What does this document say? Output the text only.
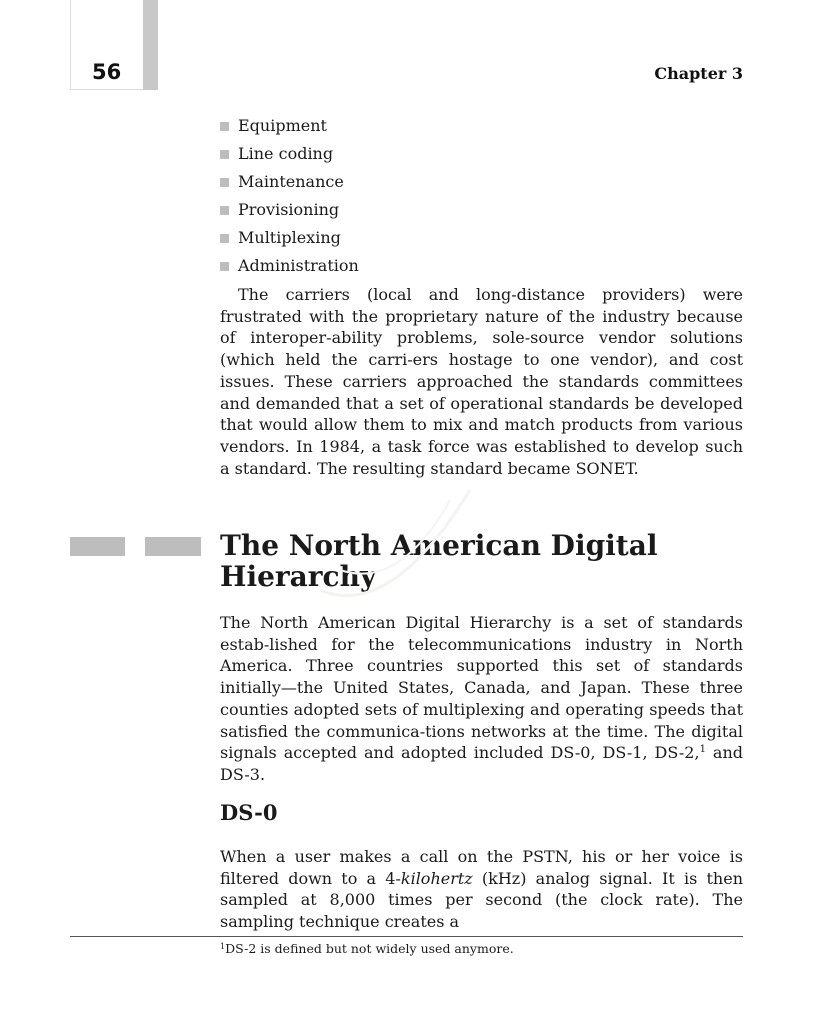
56	Chapter 3
Equipment
Line coding
Maintenance
Provisioning
Multiplexing
Administration

The carriers (local and long-distance providers) were frustrated with the proprietary nature of the industry because of interoper-ability problems, sole-source vendor solutions (which held the carri-ers hostage to one vendor), and cost issues. These carriers approached the standards committees and demanded that a set of operational standards be developed that would allow them to mix and match products from various vendors. In 1984, a task force was established to develop such a standard. The resulting standard became SONET.

The North American Digital
Hierarchy

The North American Digital Hierarchy is a set of standards estab-lished for the telecommunications industry in North America. Three countries supported this set of standards initially—the United States, Canada, and Japan. These three counties adopted sets of multiplexing and operating speeds that satisfied the communica-tions networks at the time. The digital signals accepted and adopted included DS-0, DS-1, DS-2,$^1$ and DS-3.

DS-0

When a user makes a call on the PSTN, his or her voice is filtered down to a 4-kilohertz (kHz) analog signal. It is then sampled at 8,000 times per second (the clock rate). The sampling technique creates a

$^1$DS-2 is defined but not widely used anymore.
